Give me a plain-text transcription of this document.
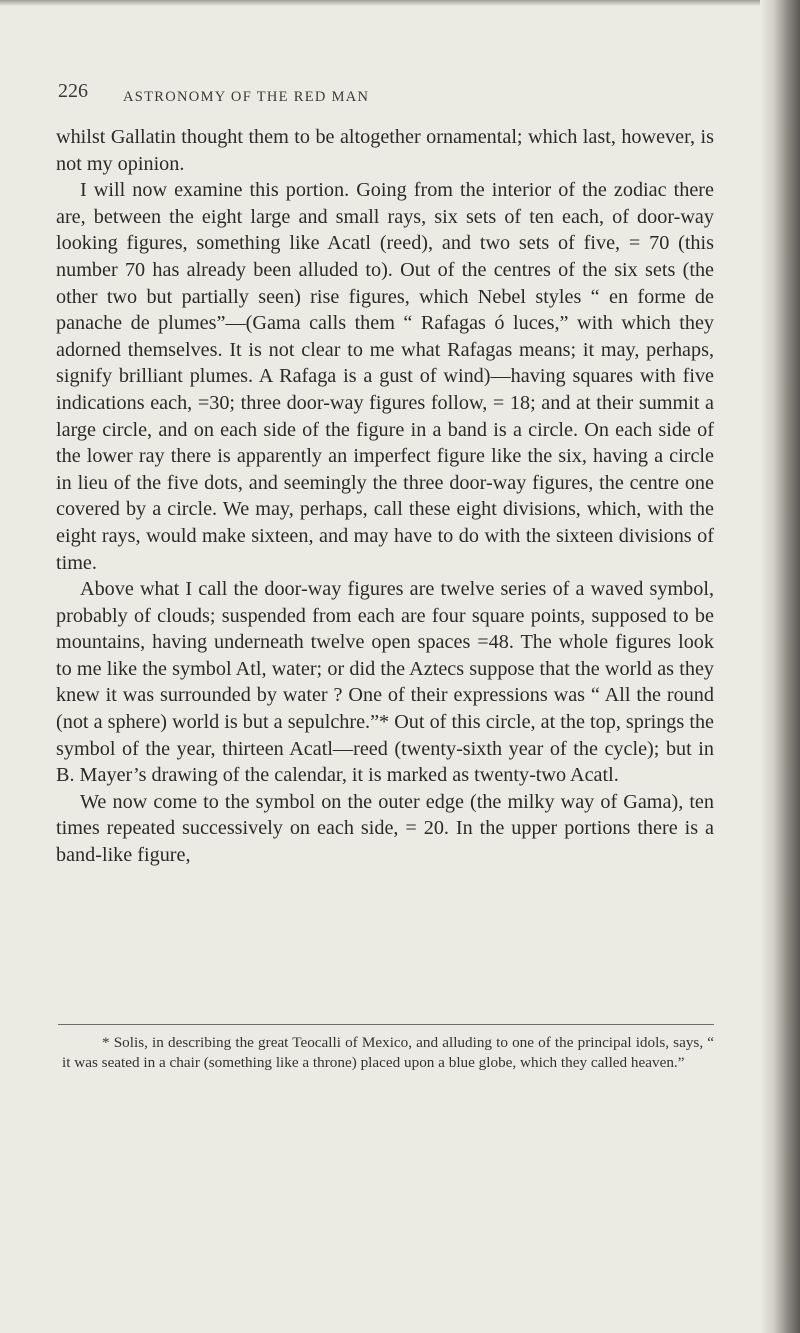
226 ASTRONOMY OF THE RED MAN

whilst Gallatin thought them to be altogether ornamental; which last, however, is not my opinion.

I will now examine this portion. Going from the interior of the zodiac there are, between the eight large and small rays, six sets of ten each, of door-way looking figures, something like Acatl (reed), and two sets of five, = 70 (this number 70 has already been alluded to). Out of the centres of the six sets (the other two but partially seen) rise figures, which Nebel styles “ en forme de panache de plumes”—(Gama calls them “ Rafagas ó luces,” with which they adorned themselves. It is not clear to me what Rafagas means; it may, perhaps, signify brilliant plumes. A Rafaga is a gust of wind)—having squares with five indications each, =30; three door-way figures follow, = 18; and at their summit a large circle, and on each side of the figure in a band is a circle. On each side of the lower ray there is apparently an imperfect figure like the six, having a circle in lieu of the five dots, and seemingly the three door-way figures, the centre one covered by a circle. We may, perhaps, call these eight divisions, which, with the eight rays, would make sixteen, and may have to do with the sixteen divisions of time.

Above what I call the door-way figures are twelve series of a waved symbol, probably of clouds; suspended from each are four square points, supposed to be mountains, having underneath twelve open spaces =48. The whole figures look to me like the symbol Atl, water; or did the Aztecs suppose that the world as they knew it was surrounded by water ? One of their expressions was “ All the round (not a sphere) world is but a sepulchre.”* Out of this circle, at the top, springs the symbol of the year, thirteen Acatl—reed (twenty-sixth year of the cycle); but in B. Mayer’s drawing of the calendar, it is marked as twenty-two Acatl.

We now come to the symbol on the outer edge (the milky way of Gama), ten times repeated successively on each side, = 20. In the upper portions there is a band-like figure,

* Solis, in describing the great Teocalli of Mexico, and alluding to one of the principal idols, says, “ it was seated in a chair (something like a throne) placed upon a blue globe, which they called heaven.”
